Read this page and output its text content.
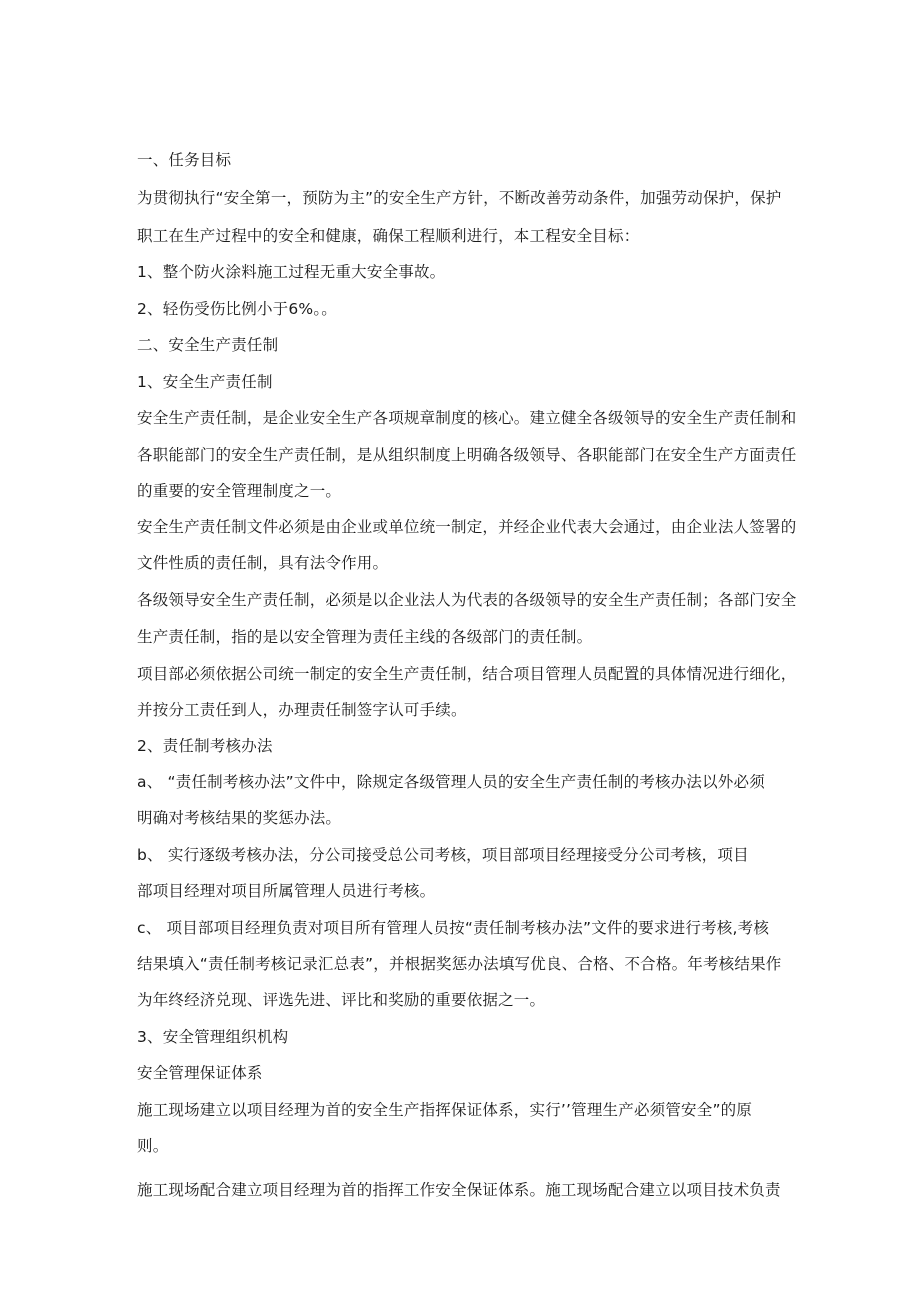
一、任务目标
为贯彻执行“安全第一，预防为主”的安全生产方针，不断改善劳动条件，加强劳动保护，保护
职工在生产过程中的安全和健康，确保工程顺利进行，本工程安全目标：
1、整个防火涂料施工过程无重大安全事故。
2、轻伤受伤比例小于6%。。
二、安全生产责任制
1、安全生产责任制
安全生产责任制，是企业安全生产各项规章制度的核心。建立健全各级领导的安全生产责任制和
各职能部门的安全生产责任制，是从组织制度上明确各级领导、各职能部门在安全生产方面责任
的重要的安全管理制度之一。
安全生产责任制文件必须是由企业或单位统一制定，并经企业代表大会通过，由企业法人签署的
文件性质的责任制，具有法令作用。
各级领导安全生产责任制，必须是以企业法人为代表的各级领导的安全生产责任制；各部门安全
生产责任制，指的是以安全管理为责任主线的各级部门的责任制。
项目部必须依据公司统一制定的安全生产责任制，结合项目管理人员配置的具体情况进行细化，
并按分工责任到人，办理责任制签字认可手续。
2、责任制考核办法
a、 “责任制考核办法”文件中，除规定各级管理人员的安全生产责任制的考核办法以外必须
明确对考核结果的奖惩办法。
b、 实行逐级考核办法，分公司接受总公司考核，项目部项目经理接受分公司考核，项目
部项目经理对项目所属管理人员进行考核。
c、 项目部项目经理负责对项目所有管理人员按“责任制考核办法”文件的要求进行考核,考核
结果填入“责任制考核记录汇总表”，并根据奖惩办法填写优良、合格、不合格。年考核结果作
为年终经济兑现、评选先进、评比和奖励的重要依据之一。
3、安全管理组织机构
安全管理保证体系
施工现场建立以项目经理为首的安全生产指挥保证体系，实行’’管理生产必须管安全”的原
则。
施工现场配合建立项目经理为首的指挥工作安全保证体系。施工现场配合建立以项目技术负责
